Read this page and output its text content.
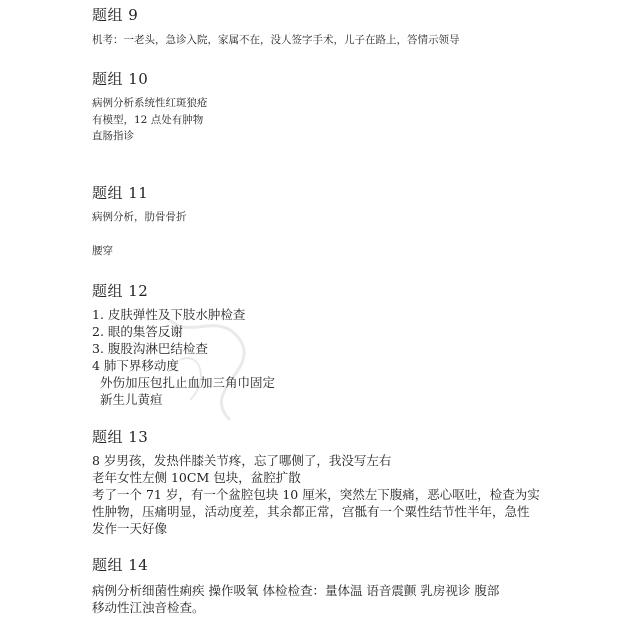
题组 9
机考：一老头，急诊入院，家属不在，没人签字手术，儿子在路上，答情示领导
题组 10
病例分析系统性红斑狼疮
有模型，12 点处有肿物
直肠指诊
题组 11
病例分析，肋骨骨折
腰穿
题组 12
1. 皮肤弹性及下肢水肿检查
2. 眼的集答反谢
3. 腹股沟淋巴结检查
4 肺下界移动度
外伤加压包扎止血加三角巾固定
新生儿黄疸
题组 13
8 岁男孩，发热伴膝关节疼，忘了哪侧了，我没写左右
老年女性左侧 10CM 包块，盆腔扩散
考了一个 71 岁，有一个盆腔包块 10 厘米，突然左下腹痛，恶心呕吐，检查为实
性肿物，压痛明显，活动度差，其余都正常，宫骶有一个粟性结节性半年，急性
发作一天好像
题组 14
病例分析细菌性痢疾 操作吸氧 体检检查：量体温 语音震颤 乳房视诊 腹部
移动性江浊音检查。
